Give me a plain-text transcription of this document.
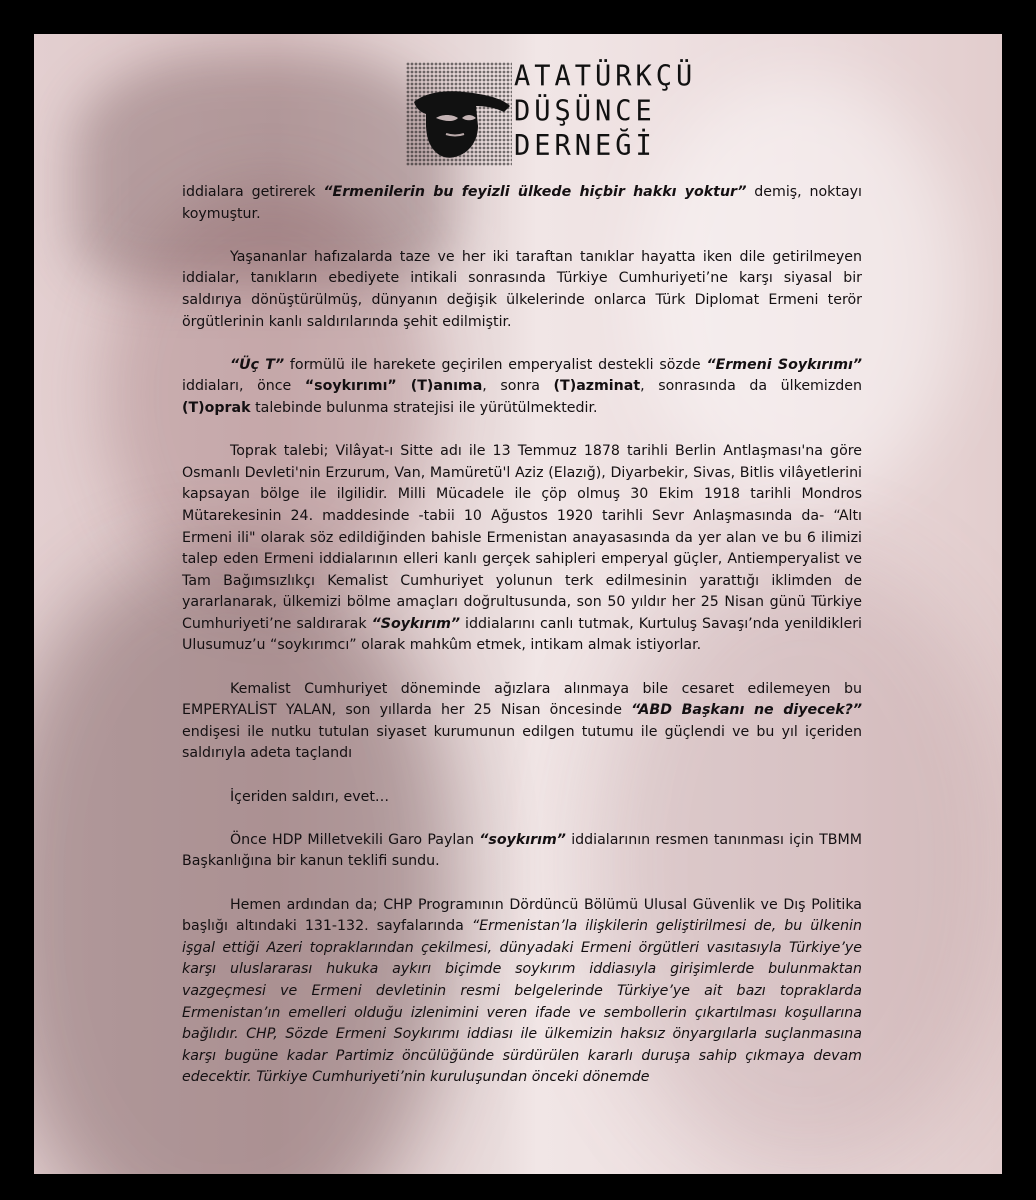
ATATÜRKÇÜ
DÜŞÜNCE
DERNEĞİ

iddialara getirerek “Ermenilerin bu feyizli ülkede hiçbir hakkı yoktur” demiş, noktayı koymuştur.

Yaşananlar hafızalarda taze ve her iki taraftan tanıklar hayatta iken dile getirilmeyen iddialar, tanıkların ebediyete intikali sonrasında Türkiye Cumhuriyeti’ne karşı siyasal bir saldırıya dönüştürülmüş, dünyanın değişik ülkelerinde onlarca Türk Diplomat Ermeni terör örgütlerinin kanlı saldırılarında şehit edilmiştir.

“Üç T” formülü ile harekete geçirilen emperyalist destekli sözde “Ermeni Soykırımı” iddiaları, önce “soykırımı” (T)anıma, sonra (T)azminat, sonrasında da ülkemizden (T)oprak talebinde bulunma stratejisi ile yürütülmektedir.

Toprak talebi; Vilâyat-ı Sitte adı ile 13 Temmuz 1878 tarihli Berlin Antlaşması'na göre Osmanlı Devleti'nin Erzurum, Van, Mamüretü'l Aziz (Elazığ), Diyarbekir, Sivas, Bitlis vilâyetlerini kapsayan bölge ile ilgilidir. Milli Mücadele ile çöp olmuş 30 Ekim 1918 tarihli Mondros Mütarekesinin 24. maddesinde -tabii 10 Ağustos 1920 tarihli Sevr Anlaşmasında da- “Altı Ermeni ili" olarak söz edildiğinden bahisle Ermenistan anayasasında da yer alan ve bu 6 ilimizi talep eden Ermeni iddialarının elleri kanlı gerçek sahipleri emperyal güçler, Antiemperyalist ve Tam Bağımsızlıkçı Kemalist Cumhuriyet yolunun terk edilmesinin yarattığı iklimden de yararlanarak, ülkemizi bölme amaçları doğrultusunda, son 50 yıldır her 25 Nisan günü Türkiye Cumhuriyeti’ne saldırarak “Soykırım” iddialarını canlı tutmak, Kurtuluş Savaşı’nda yenildikleri Ulusumuz’u “soykırımcı” olarak mahkûm etmek, intikam almak istiyorlar.

Kemalist Cumhuriyet döneminde ağızlara alınmaya bile cesaret edilemeyen bu EMPERYALİST YALAN, son yıllarda her 25 Nisan öncesinde “ABD Başkanı ne diyecek?” endişesi ile nutku tutulan siyaset kurumunun edilgen tutumu ile güçlendi ve bu yıl içeriden saldırıyla adeta taçlandı

İçeriden saldırı, evet…

Önce HDP Milletvekili Garo Paylan “soykırım” iddialarının resmen tanınması için TBMM Başkanlığına bir kanun teklifi sundu.

Hemen ardından da; CHP Programının Dördüncü Bölümü Ulusal Güvenlik ve Dış Politika başlığı altındaki 131-132. sayfalarında “Ermenistan’la ilişkilerin geliştirilmesi de, bu ülkenin işgal ettiği Azeri topraklarından çekilmesi, dünyadaki Ermeni örgütleri vasıtasıyla Türkiye’ye karşı uluslararası hukuka aykırı biçimde soykırım iddiasıyla girişimlerde bulunmaktan vazgeçmesi ve Ermeni devletinin resmi belgelerinde Türkiye’ye ait bazı topraklarda Ermenistan’ın emelleri olduğu izlenimini veren ifade ve sembollerin çıkartılması koşullarına bağlıdır. CHP, Sözde Ermeni Soykırımı iddiası ile ülkemizin haksız önyargılarla suçlanmasına karşı bugüne kadar Partimiz öncülüğünde sürdürülen kararlı duruşa sahip çıkmaya devam edecektir. Türkiye Cumhuriyeti’nin kuruluşundan önceki dönemde
